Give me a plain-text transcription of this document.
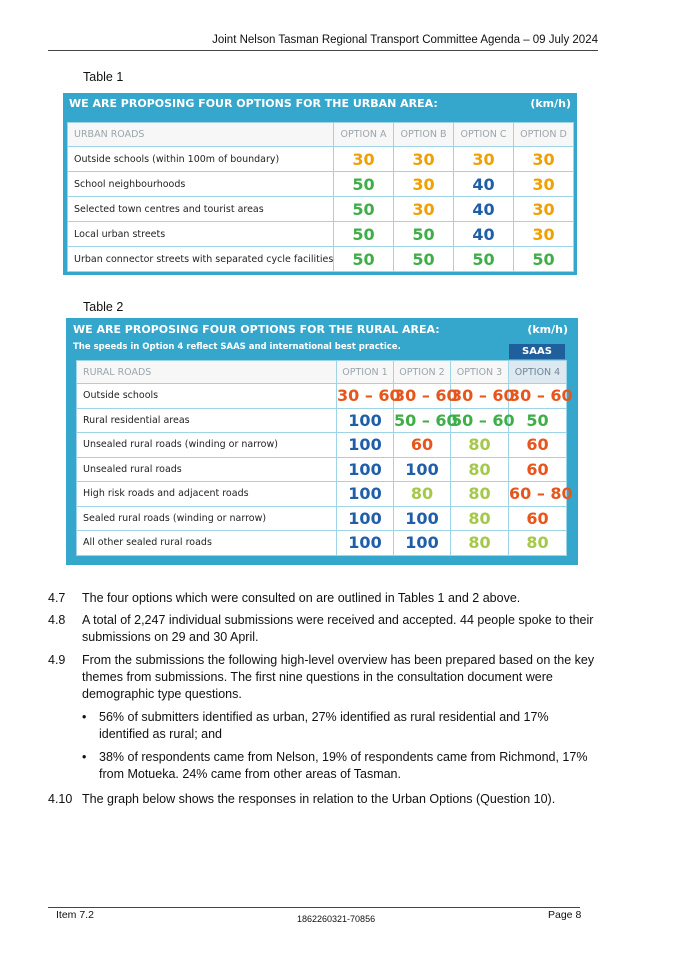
Joint Nelson Tasman Regional Transport Committee Agenda – 09 July 2024
Table 1
WE ARE PROPOSING FOUR OPTIONS FOR THE URBAN AREA:	(km/h)
URBAN ROADS	OPTION A	OPTION B	OPTION C	OPTION D
Outside schools (within 100m of boundary)	30	30	30	30
School neighbourhoods	50	30	40	30
Selected town centres and tourist areas	50	30	40	30
Local urban streets	50	50	40	30
Urban connector streets with separated cycle facilities	50	50	50	50
Table 2
WE ARE PROPOSING FOUR OPTIONS FOR THE RURAL AREA:	(km/h)
The speeds in Option 4 reflect SAAS and international best practice.	SAAS
RURAL ROADS	OPTION 1	OPTION 2	OPTION 3	OPTION 4
Outside schools	30 – 60	30 – 60	30 – 60	30 – 60
Rural residential areas	100	50 – 60	50 – 60	50
Unsealed rural roads (winding or narrow)	100	60	80	60
Unsealed rural roads	100	100	80	60
High risk roads and adjacent roads	100	80	80	60 – 80
Sealed rural roads (winding or narrow)	100	100	80	60
All other sealed rural roads	100	100	80	80
4.7 The four options which were consulted on are outlined in Tables 1 and 2 above.
4.8 A total of 2,247 individual submissions were received and accepted. 44 people spoke to their submissions on 29 and 30 April.
4.9 From the submissions the following high-level overview has been prepared based on the key themes from submissions. The first nine questions in the consultation document were demographic type questions.
• 56% of submitters identified as urban, 27% identified as rural residential and 17% identified as rural; and
• 38% of respondents came from Nelson, 19% of respondents came from Richmond, 17% from Motueka. 24% came from other areas of Tasman.
4.10 The graph below shows the responses in relation to the Urban Options (Question 10).
Item 7.2	1862260321-70856	Page 8
